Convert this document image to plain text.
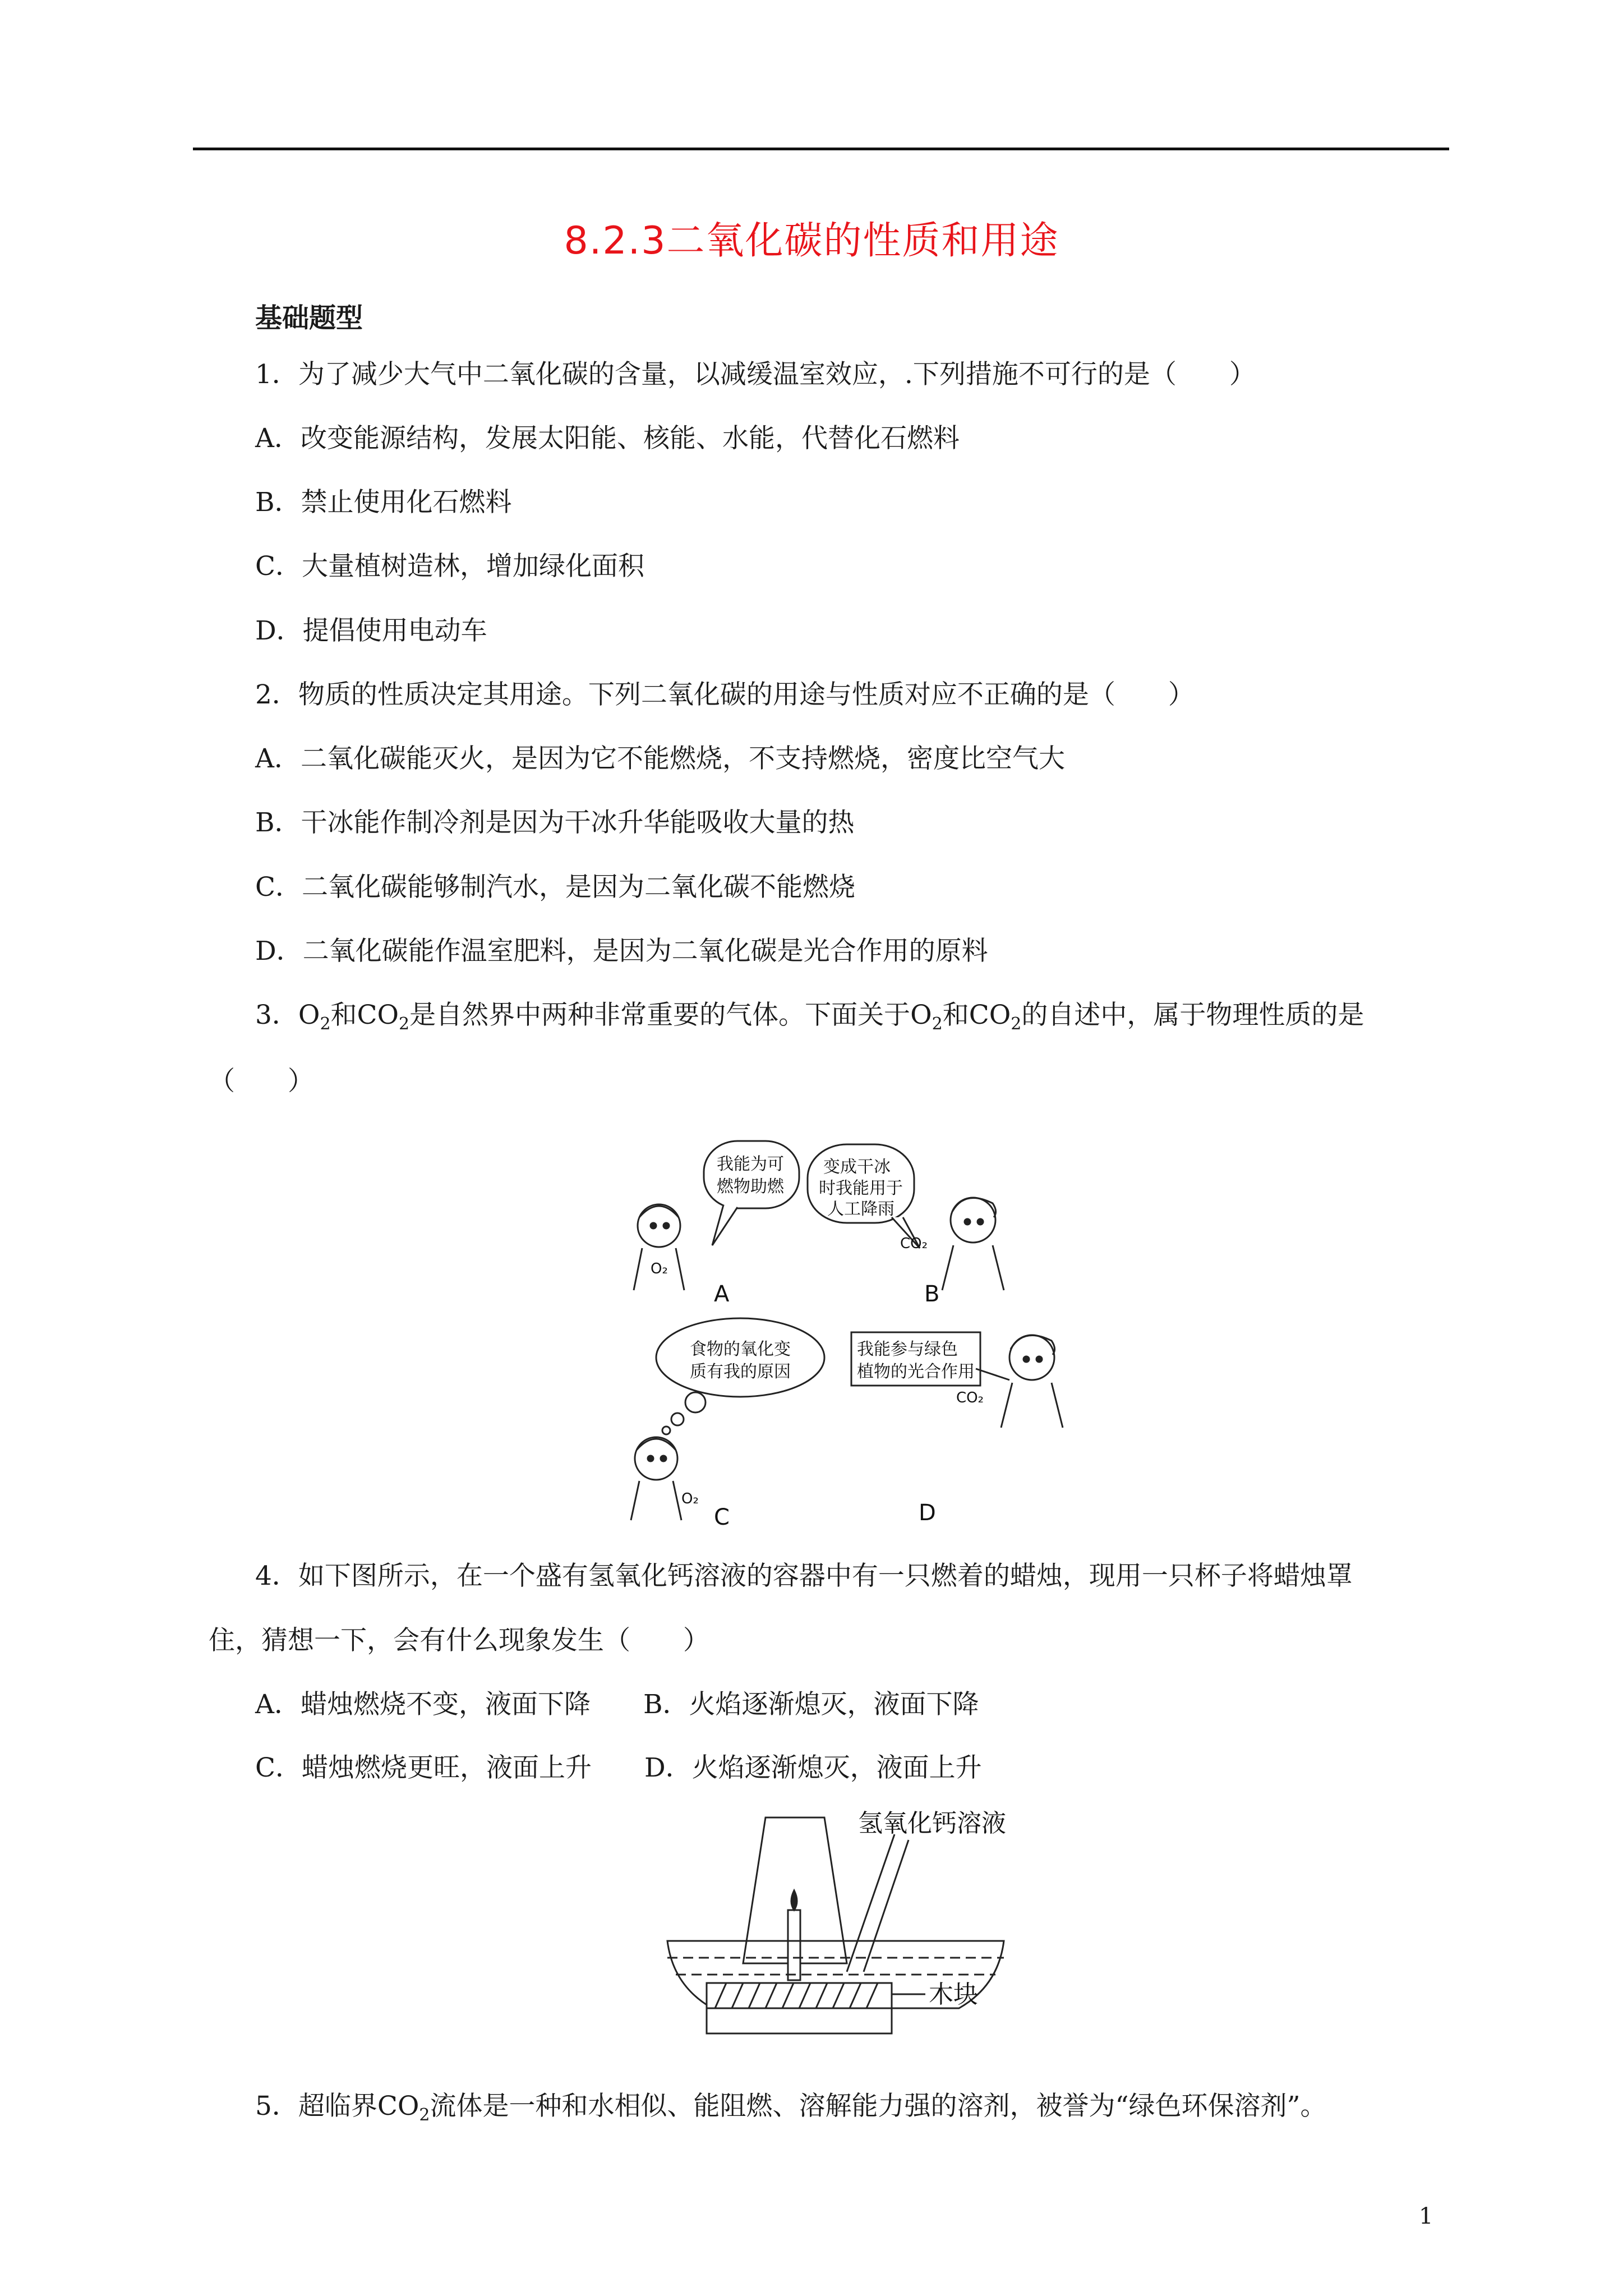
8.2.3二氧化碳的性质和用途
基础题型
1．为了减少大气中二氧化碳的含量，以减缓温室效应，.下列措施不可行的是（　　）
A．改变能源结构，发展太阳能、核能、水能，代替化石燃料
B．禁止使用化石燃料
C．大量植树造林，增加绿化面积
D．提倡使用电动车
2．物质的性质决定其用途。下列二氧化碳的用途与性质对应不正确的是（　　）
A．二氧化碳能灭火，是因为它不能燃烧，不支持燃烧，密度比空气大
B．干冰能作制冷剂是因为干冰升华能吸收大量的热
C．二氧化碳能够制汽水，是因为二氧化碳不能燃烧
D．二氧化碳能作温室肥料，是因为二氧化碳是光合作用的原料
3．$O_2$和$CO_2$是自然界中两种非常重要的气体。下面关于$O_2$和$CO_2$的自述中，属于物理性质的是
（　　）
我能为可
燃物助燃
变成干冰
时我能用于
人工降雨
食物的氧化变
质有我的原因
我能参与绿色
植物的光合作用
O₂
CO₂
CO₂
O₂
A	B
C	D
4．如下图所示，在一个盛有氢氧化钙溶液的容器中有一只燃着的蜡烛，现用一只杯子将蜡烛罩
住，猜想一下，会有什么现象发生（　　）
A．蜡烛燃烧不变，液面下降　　B．火焰逐渐熄灭，液面下降
C．蜡烛燃烧更旺，液面上升　　D．火焰逐渐熄灭，液面上升
氢氧化钙溶液
木块
5．超临界$CO_2$流体是一种和水相似、能阻燃、溶解能力强的溶剂，被誉为“绿色环保溶剂”。
1
